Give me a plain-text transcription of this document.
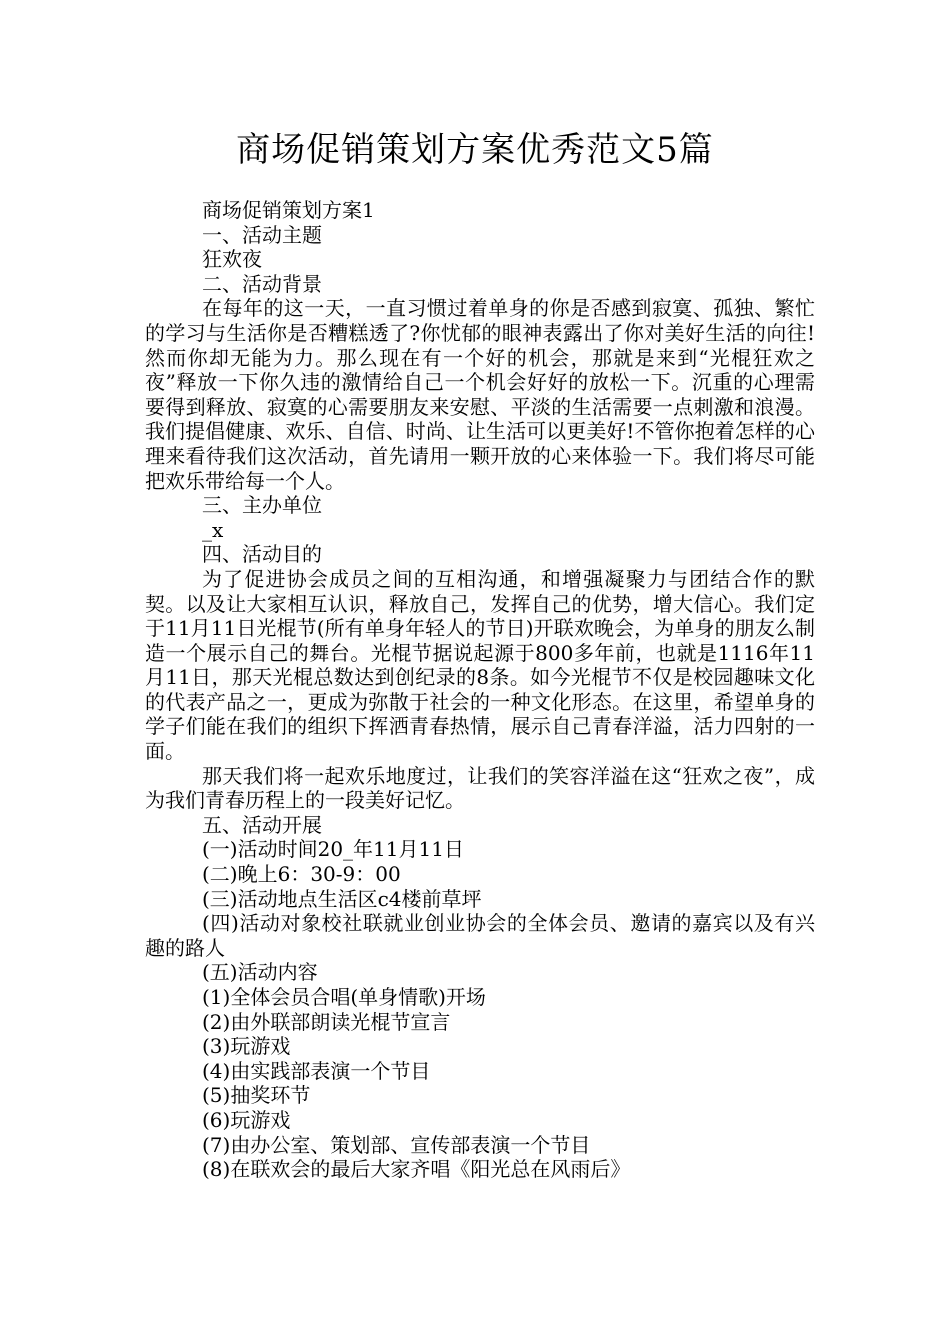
商场促销策划方案优秀范文5篇

商场促销策划方案1

一、活动主题

狂欢夜

二、活动背景

在每年的这一天，一直习惯过着单身的你是否感到寂寞、孤独、繁忙的学习与生活你是否糟糕透了?你忧郁的眼神表露出了你对美好生活的向往!然而你却无能为力。那么现在有一个好的机会，那就是来到“光棍狂欢之夜”释放一下你久违的激情给自己一个机会好好的放松一下。沉重的心理需要得到释放、寂寞的心需要朋友来安慰、平淡的生活需要一点刺激和浪漫。我们提倡健康、欢乐、自信、时尚、让生活可以更美好!不管你抱着怎样的心理来看待我们这次活动，首先请用一颗开放的心来体验一下。我们将尽可能把欢乐带给每一个人。

三、主办单位

_x

四、活动目的

为了促进协会成员之间的互相沟通，和增强凝聚力与团结合作的默契。以及让大家相互认识，释放自己，发挥自己的优势，增大信心。我们定于11月11日光棍节(所有单身年轻人的节日)开联欢晚会，为单身的朋友么制造一个展示自己的舞台。光棍节据说起源于800多年前，也就是1116年11月11日，那天光棍总数达到创纪录的8条。如今光棍节不仅是校园趣味文化的代表产品之一，更成为弥散于社会的一种文化形态。在这里，希望单身的学子们能在我们的组织下挥洒青春热情，展示自己青春洋溢，活力四射的一面。

那天我们将一起欢乐地度过，让我们的笑容洋溢在这“狂欢之夜”，成为我们青春历程上的一段美好记忆。

五、活动开展

(一)活动时间20_年11月11日

(二)晚上6：30-9：00

(三)活动地点生活区c4楼前草坪

(四)活动对象校社联就业创业协会的全体会员、邀请的嘉宾以及有兴趣的路人

(五)活动内容

(1)全体会员合唱(单身情歌)开场

(2)由外联部朗读光棍节宣言

(3)玩游戏

(4)由实践部表演一个节目

(5)抽奖环节

(6)玩游戏

(7)由办公室、策划部、宣传部表演一个节目

(8)在联欢会的最后大家齐唱《阳光总在风雨后》
